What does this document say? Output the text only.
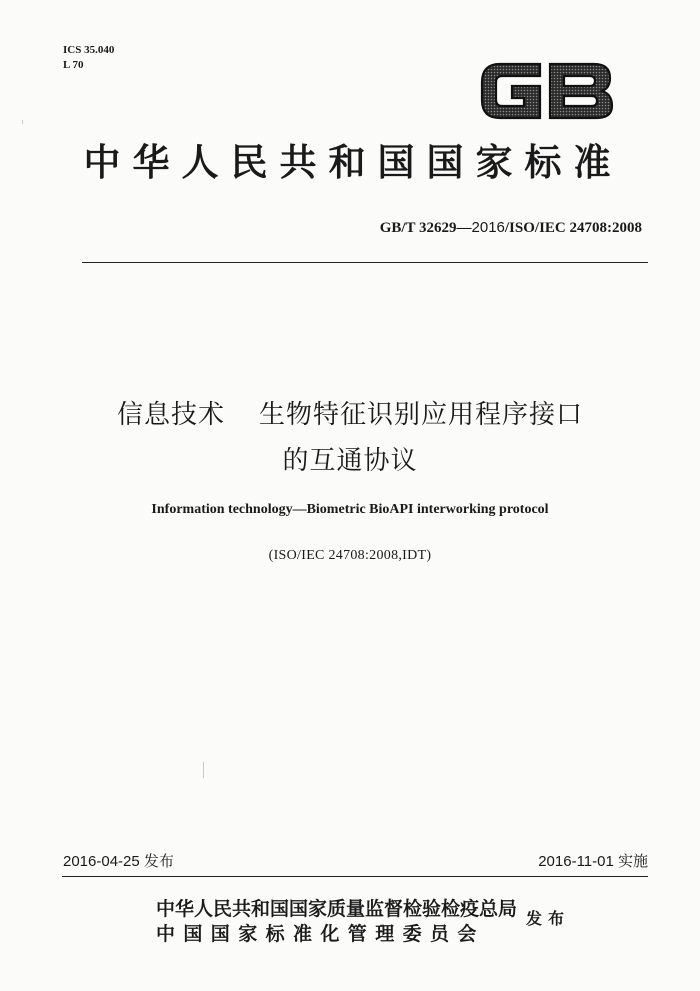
ICS 35.040
L 70
中华人民共和国国家标准
GB/T 32629—2016/ISO/IEC 24708:2008
信息技术 生物特征识别应用程序接口
的互通协议
Information technology—Biometric BioAPI interworking protocol
(ISO/IEC 24708:2008,IDT)
2016-04-25 发布	2016-11-01 实施
中华人民共和国国家质量监督检验检疫总局
中国国家标准化管理委员会
发布
